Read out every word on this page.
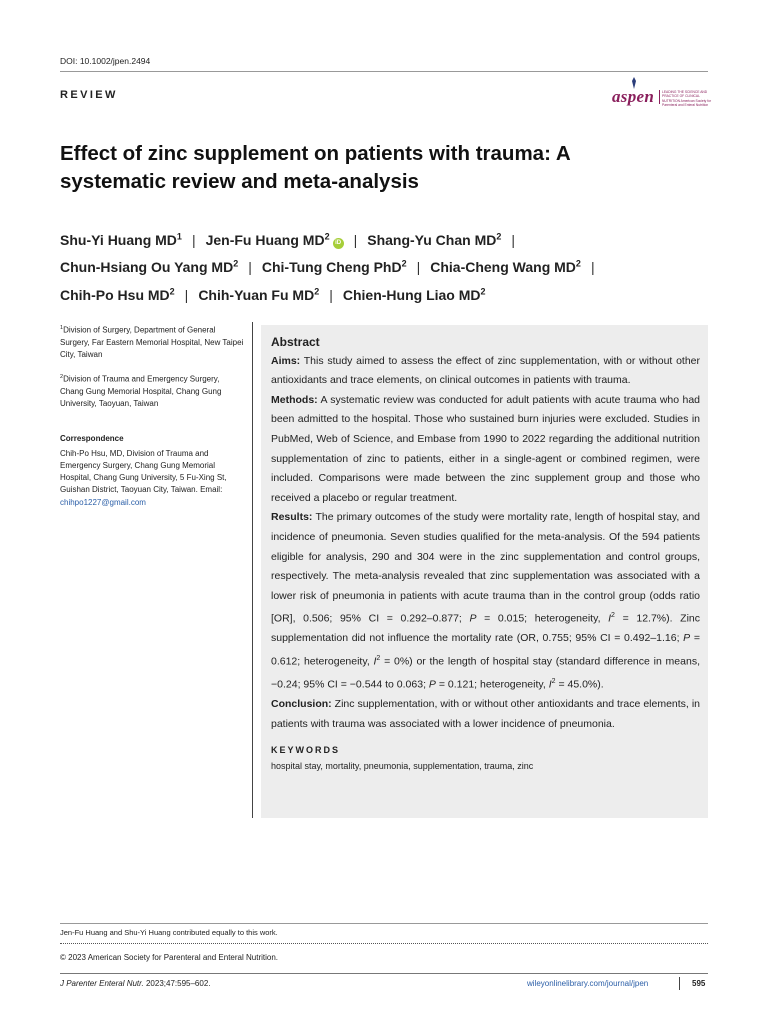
DOI: 10.1002/jpen.2494
REVIEW	aspen LEADING THE SCIENCE AND PRACTICE OF CLINICAL NUTRITION American Society for Parenteral and Enteral Nutrition
Effect of zinc supplement on patients with trauma: A systematic review and meta-analysis
Shu-Yi Huang $MD^1$ | Jen-Fu Huang $MD^2iD$ | Shang-Yu Chan $MD^2$ |
Chun-Hsiang Ou Yang $MD^2$ | Chi-Tung Cheng PhD$^2$ | Chia-Cheng Wang $MD^2$ |
Chih-Po Hsu $MD^2$ | Chih-Yuan Fu $MD^2$ | Chien-Hung Liao $MD^2$

$^1$Division of Surgery, Department of General Surgery, Far Eastern Memorial Hospital, New Taipei City, Taiwan

$^2$Division of Trauma and Emergency Surgery, Chang Gung Memorial Hospital, Chang Gung University, Taoyuan, Taiwan

Correspondence
Chih-Po Hsu, MD, Division of Trauma and Emergency Surgery, Chang Gung Memorial Hospital, Chang Gung University, 5 Fu-Xing St, Guishan District, Taoyuan City, Taiwan. Email: chihpo1227@gmail.com

Abstract

Aims: This study aimed to assess the effect of zinc supplementation, with or without other antioxidants and trace elements, on clinical outcomes in patients with trauma.

Methods: A systematic review was conducted for adult patients with acute trauma who had been admitted to the hospital. Those who sustained burn injuries were excluded. Studies in PubMed, Web of Science, and Embase from 1990 to 2022 regarding the additional nutrition supplementation of zinc to patients, either in a single-agent or combined regimen, were included. Comparisons were made between the zinc supplement group and those who received a placebo or regular treatment.

Results: The primary outcomes of the study were mortality rate, length of hospital stay, and incidence of pneumonia. Seven studies qualified for the meta-analysis. Of the 594 patients eligible for analysis, 290 and 304 were in the zinc supplementation and control groups, respectively. The meta-analysis revealed that zinc supplementation was associated with a lower risk of pneumonia in patients with acute trauma than in the control group (odds ratio [OR], 0.506; 95% CI = 0.292–0.877; P = 0.015; heterogeneity, $I^2 = 12.7\%$). Zinc supplementation did not influence the mortality rate (OR, 0.755; 95% CI = 0.492–1.16; P = 0.612; heterogeneity, $I^2 = 0\%$) or the length of hospital stay (standard difference in means, −0.24; 95% CI = −0.544 to 0.063; P = 0.121; heterogeneity, $I^2 = 45.0\%$).

Conclusion: Zinc supplementation, with or without other antioxidants and trace elements, in patients with trauma was associated with a lower incidence of pneumonia.

KEYWORDS
hospital stay, mortality, pneumonia, supplementation, trauma, zinc
Jen-Fu Huang and Shu-Yi Huang contributed equally to this work.
© 2023 American Society for Parenteral and Enteral Nutrition.
J Parenter Enteral Nutr. 2023;47:595–602.	wileyonlinelibrary.com/journal/jpen	595
